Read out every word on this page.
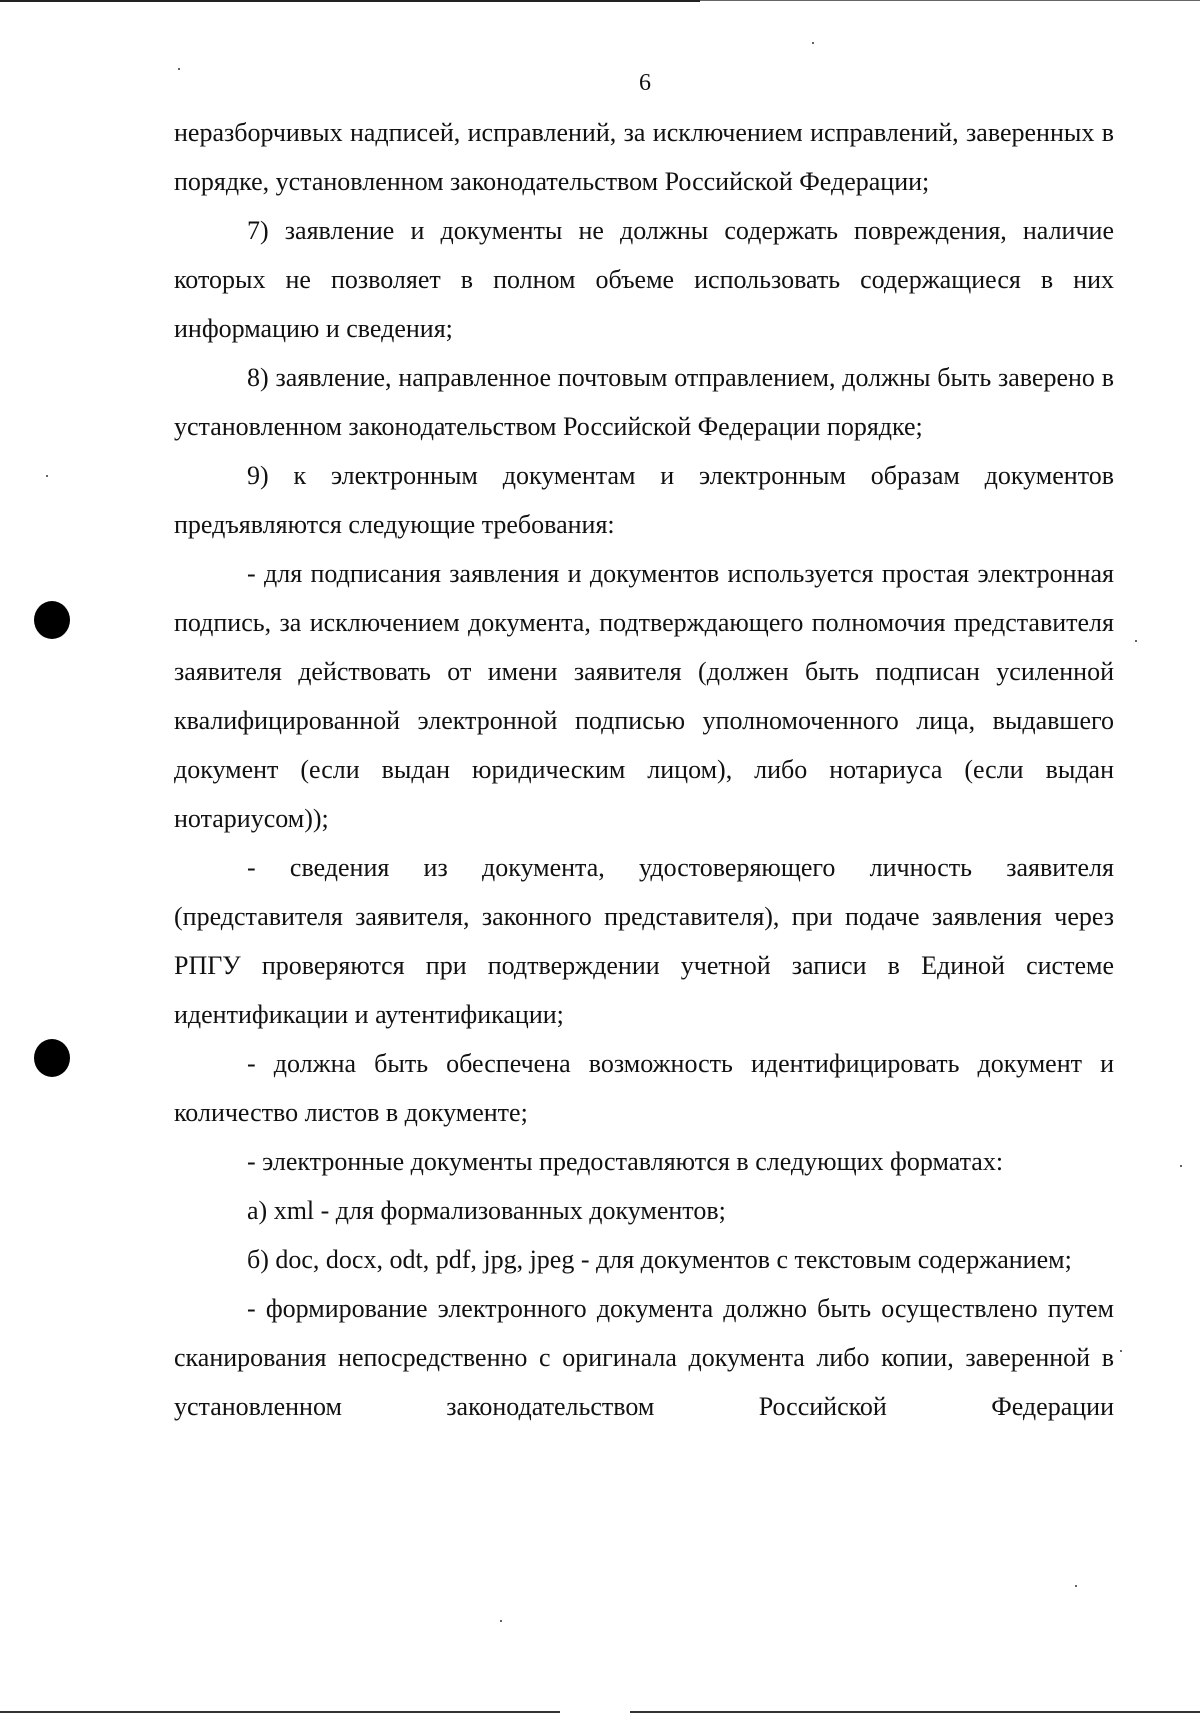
6

неразборчивых надписей, исправлений, за исключением исправлений, заверенных в порядке, установленном законодательством Российской Федерации;

7) заявление и документы не должны содержать повреждения, наличие которых не позволяет в полном объеме использовать содержащиеся в них информацию и сведения;

8) заявление, направленное почтовым отправлением, должны быть заверено в установленном законодательством Российской Федерации порядке;

9) к электронным документам и электронным образам документов предъявляются следующие требования:

- для подписания заявления и документов используется простая электронная подпись, за исключением документа, подтверждающего полномочия представителя заявителя действовать от имени заявителя (должен быть подписан усиленной квалифицированной электронной подписью уполномоченного лица, выдавшего документ (если выдан юридическим лицом), либо нотариуса (если выдан нотариусом));

- сведения из документа, удостоверяющего личность заявителя (представителя заявителя, законного представителя), при подаче заявления через РПГУ проверяются при подтверждении учетной записи в Единой системе идентификации и аутентификации;

- должна быть обеспечена возможность идентифицировать документ и количество листов в документе;

- электронные документы предоставляются в следующих форматах:

а) xml - для формализованных документов;

б) doc, docx, odt, pdf, jpg, jpeg - для документов с текстовым содержанием;

- формирование электронного документа должно быть осуществлено путем сканирования непосредственно с оригинала документа либо копии, заверенной в установленном законодательством Российской Федерации
